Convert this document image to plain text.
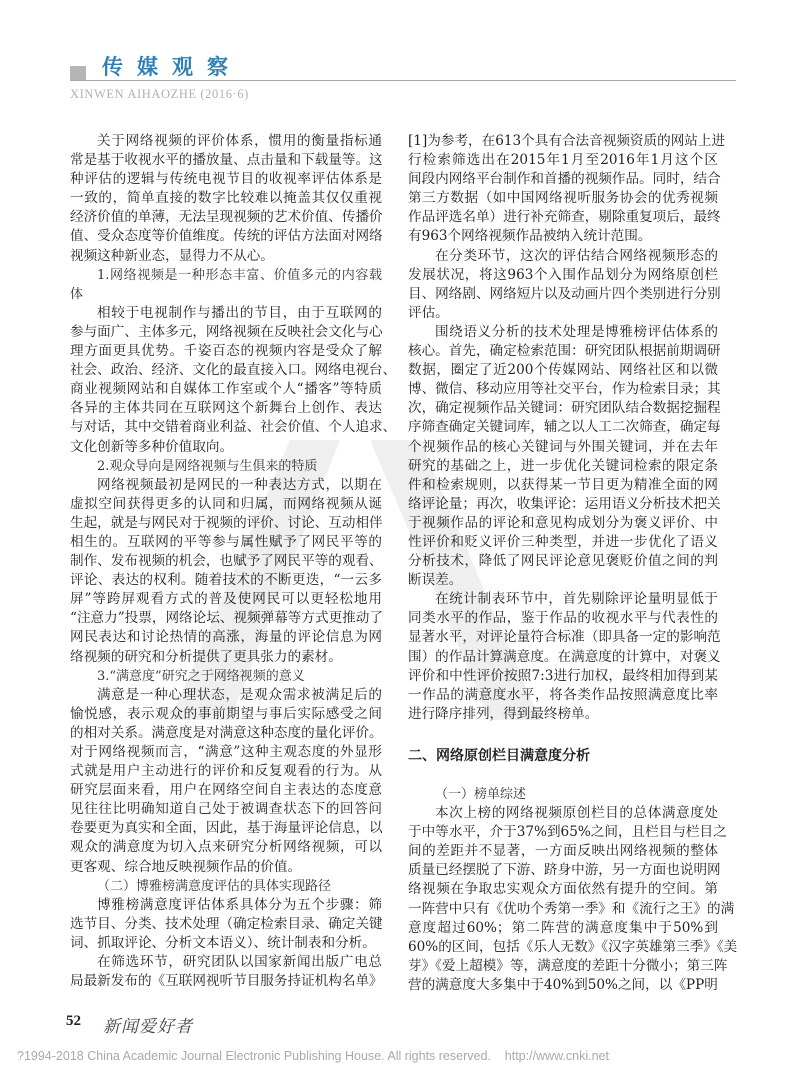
传媒观察
XINWEN AIHAOZHE (2016·6)
关于网络视频的评价体系，惯用的衡量指标通
常是基于收视水平的播放量、点击量和下载量等。这
种评估的逻辑与传统电视节目的收视率评估体系是
一致的，简单直接的数字比较难以掩盖其仅仅重视
经济价值的单薄，无法呈现视频的艺术价值、传播价
值、受众态度等价值维度。传统的评估方法面对网络
视频这种新业态，显得力不从心。
1.网络视频是一种形态丰富、价值多元的内容载
体
相较于电视制作与播出的节目，由于互联网的
参与面广、主体多元，网络视频在反映社会文化与心
理方面更具优势。千姿百态的视频内容是受众了解
社会、政治、经济、文化的最直接入口。网络电视台、
商业视频网站和自媒体工作室或个人“播客”等特质
各异的主体共同在互联网这个新舞台上创作、表达
与对话，其中交错着商业利益、社会价值、个人追求、
文化创新等多种价值取向。
2.观众导向是网络视频与生俱来的特质
网络视频最初是网民的一种表达方式，以期在
虚拟空间获得更多的认同和归属，而网络视频从诞
生起，就是与网民对于视频的评价、讨论、互动相伴
相生的。互联网的平等参与属性赋予了网民平等的
制作、发布视频的机会，也赋予了网民平等的观看、
评论、表达的权利。随着技术的不断更迭，“一云多
屏”等跨屏观看方式的普及使网民可以更轻松地用
“注意力”投票，网络论坛、视频弹幕等方式更推动了
网民表达和讨论热情的高涨，海量的评论信息为网
络视频的研究和分析提供了更具张力的素材。
3.“满意度”研究之于网络视频的意义
满意是一种心理状态，是观众需求被满足后的
愉悦感，表示观众的事前期望与事后实际感受之间
的相对关系。满意度是对满意这种态度的量化评价。
对于网络视频而言，“满意”这种主观态度的外显形
式就是用户主动进行的评价和反复观看的行为。从
研究层面来看，用户在网络空间自主表达的态度意
见往往比明确知道自己处于被调查状态下的回答问
卷要更为真实和全面，因此，基于海量评论信息，以
观众的满意度为切入点来研究分析网络视频，可以
更客观、综合地反映视频作品的价值。
（二）博雅榜满意度评估的具体实现路径
博雅榜满意度评估体系具体分为五个步骤：筛
选节目、分类、技术处理（确定检索目录、确定关键
词、抓取评论、分析文本语义）、统计制表和分析。
在筛选环节，研究团队以国家新闻出版广电总
局最新发布的《互联网视听节目服务持证机构名单》
[1]为参考，在613个具有合法音视频资质的网站上进
行检索筛选出在2015年1月至2016年1月这个区
间段内网络平台制作和首播的视频作品。同时，结合
第三方数据（如中国网络视听服务协会的优秀视频
作品评选名单）进行补充筛查，剔除重复项后，最终
有963个网络视频作品被纳入统计范围。
在分类环节，这次的评估结合网络视频形态的
发展状况，将这963个入围作品划分为网络原创栏
目、网络剧、网络短片以及动画片四个类别进行分别
评估。
围绕语义分析的技术处理是博雅榜评估体系的
核心。首先，确定检索范围：研究团队根据前期调研
数据，圈定了近200个传媒网站、网络社区和以微
博、微信、移动应用等社交平台，作为检索目录；其
次，确定视频作品关键词：研究团队结合数据挖掘程
序筛查确定关键词库，辅之以人工二次筛查，确定每
个视频作品的核心关键词与外围关键词，并在去年
研究的基础之上，进一步优化关键词检索的限定条
件和检索规则，以获得某一节目更为精准全面的网
络评论量；再次，收集评论：运用语义分析技术把关
于视频作品的评论和意见构成划分为褒义评价、中
性评价和贬义评价三种类型，并进一步优化了语义
分析技术，降低了网民评论意见褒贬价值之间的判
断误差。
在统计制表环节中，首先剔除评论量明显低于
同类水平的作品，鉴于作品的收视水平与代表性的
显著水平，对评论量符合标准（即具备一定的影响范
围）的作品计算满意度。在满意度的计算中，对褒义
评价和中性评价按照7:3进行加权，最终相加得到某
一作品的满意度水平，将各类作品按照满意度比率
进行降序排列，得到最终榜单。
二、网络原创栏目满意度分析
（一）榜单综述
本次上榜的网络视频原创栏目的总体满意度处
于中等水平，介于37%到65%之间，且栏目与栏目之
间的差距并不显著，一方面反映出网络视频的整体
质量已经摆脱了下游、跻身中游，另一方面也说明网
络视频在争取忠实观众方面依然有提升的空间。第
一阵营中只有《优叻个秀第一季》和《流行之王》的满
意度超过60%；第二阵营的满意度集中于50%到
60%的区间，包括《乐人无数》《汉字英雄第三季》《美
芽》《爱上超模》等，满意度的差距十分微小；第三阵
营的满意度大多集中于40%到50%之间，以《PP明
52 新闻爱好者
?1994-2018 China Academic Journal Electronic Publishing House. All rights reserved.    http://www.cnki.net
